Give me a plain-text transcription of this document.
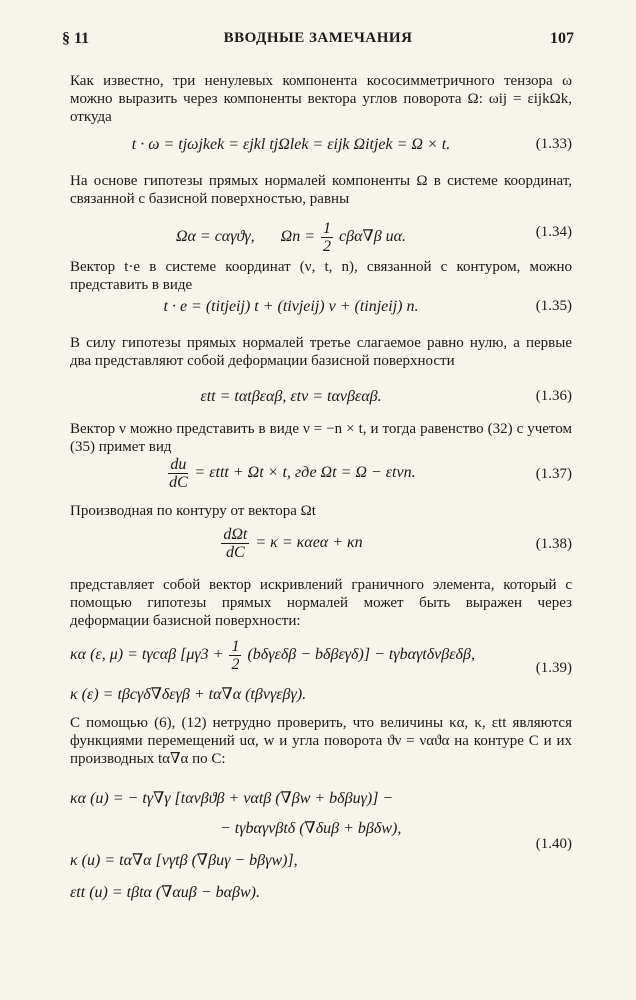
§ 11	ВВОДНЫЕ ЗАМЕЧАНИЯ	107
Как известно, три ненулевых компонента кососимметричного тензора ω можно выразить через компоненты вектора углов поворота Ω: ωij = εijkΩk, откуда
t · ω = tjωjkek = εjkl tjΩlek = εijk Ωitjek = Ω × t.	(1.33)
На основе гипотезы прямых нормалей компоненты Ω в системе координат, связанной с базисной поверхностью, равны
Ωα = cαγϑγ, $\Omega n = \frac{1}{2} c\beta\alpha\nabla\beta$ uα.	(1.34)
Вектор t·e в системе координат (ν, t, n), связанной с контуром, можно представить в виде
t · e = (titjeij) t + (tiνjeij) ν + (tinjeij) n.	(1.35)
В силу гипотезы прямых нормалей третье слагаемое равно нулю, а первые два представляют собой деформации базисной поверхности
εtt = tαtβεαβ, εtν = tανβεαβ.	(1.36)
Вектор ν можно представить в виде ν = −n × t, и тогда равенство (32) с учетом (35) примет вид
$\frac{du}{dC} = \varepsilon ttt + \Omega t \times t$, где Ωt = Ω − εtνn.	(1.37)
Производная по контуру от вектора Ωt
$\frac{\text{dΩt}}{dC} = \kappa = \kappa\alpha e\alpha + \kappa n$	(1.38)
представляет собой вектор искривлений граничного элемента, который с помощью гипотезы прямых нормалей может быть выражен через деформации базисной поверхности:
κα (ε, μ) = tγcαβ $[\mu\gamma 3 + \frac{1}{2} (b\delta\gamma\varepsilon\delta\beta - b\delta\beta\varepsilon\gamma\delta)] - t\gamma b\alpha\gamma t\delta\nu\beta\varepsilon\delta\beta$,
κ (ε) = tβcγδ∇δεγβ + tα∇α (tβνγεβγ).
(1.39)
С помощью (6), (12) нетрудно проверить, что величины κα, κ, εtt являются функциями перемещений uα, w и угла поворота ϑν = ναϑα на контуре C и их производных tα∇α по C:
κα (u) = − tγ∇γ [tανβϑβ + ναtβ (∇βw + bδβuγ)] −
− tγbαγνβtδ (∇δuβ + bβδw),
κ (u) = tα∇α [νγtβ (∇βuγ − bβγw)],
εtt (u) = tβtα (∇αuβ − bαβw).
(1.40)
